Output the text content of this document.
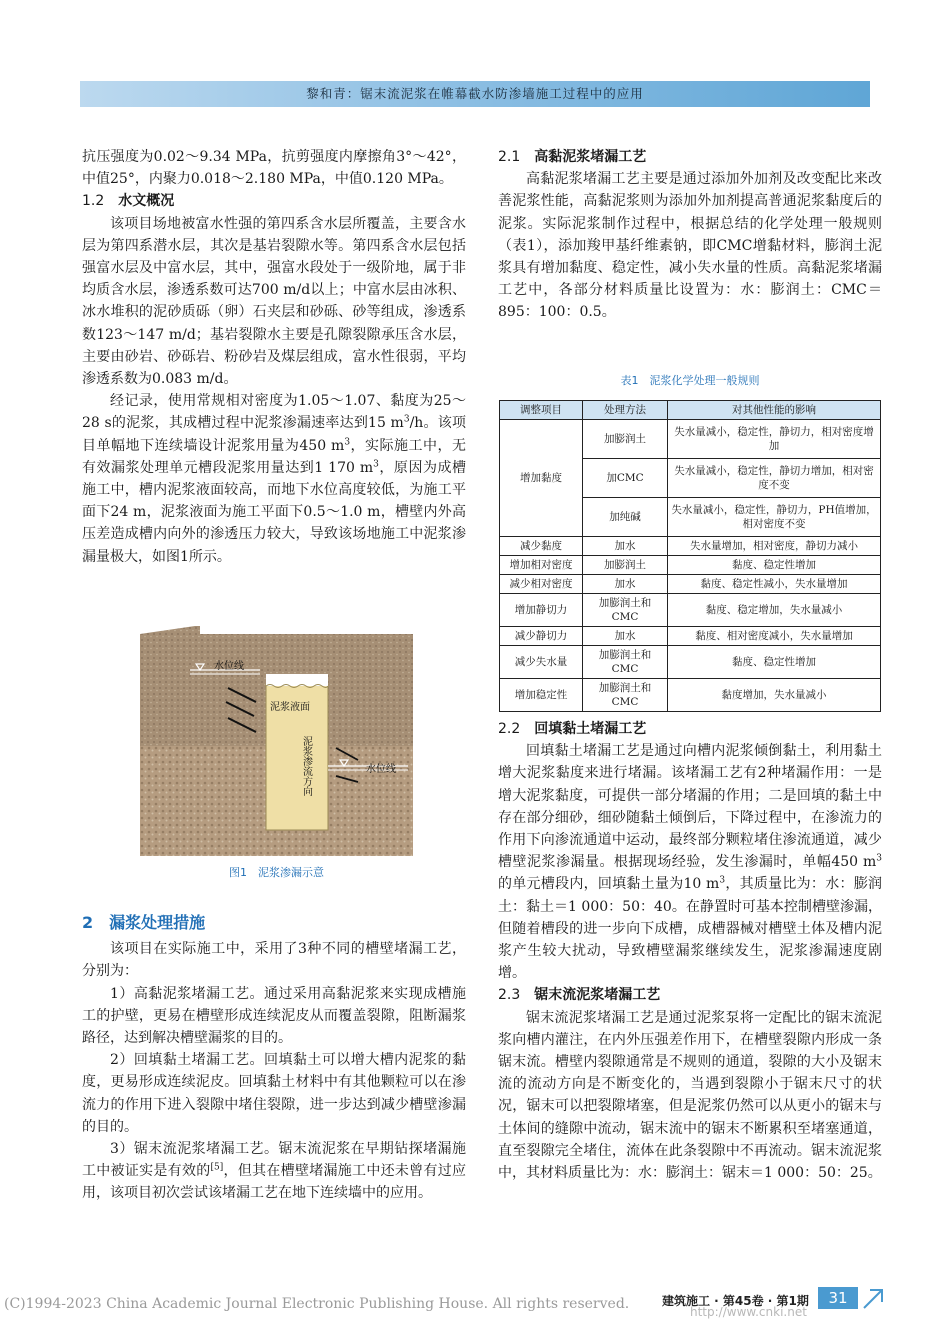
黎和青：锯末流泥浆在帷幕截水防渗墙施工过程中的应用

抗压强度为0.02～9.34 MPa，抗剪强度内摩擦角3°～42°，中值25°，内聚力0.018～2.180 MPa，中值0.120 MPa。

1.2 水文概况

该项目场地被富水性强的第四系含水层所覆盖，主要含水层为第四系潜水层，其次是基岩裂隙水等。第四系含水层包括强富水层及中富水层，其中，强富水段处于一级阶地，属于非均质含水层，渗透系数可达700 m/d以上；中富水层由冰积、冰水堆积的泥砂质砾（卵）石夹层和砂砾、砂等组成，渗透系数123～147 m/d；基岩裂隙水主要是孔隙裂隙承压含水层，主要由砂岩、砂砾岩、粉砂岩及煤层组成，富水性很弱，平均渗透系数为0.083 m/d。

经记录，使用常规相对密度为1.05～1.07、黏度为25～28 s的泥浆，其成槽过程中泥浆渗漏速率达到15 $m^3/h$。该项目单幅地下连续墙设计泥浆用量为450 $m^3$，实际施工中，无有效漏浆处理单元槽段泥浆用量达到1 170 $m^3$，原因为成槽施工中，槽内泥浆液面较高，而地下水位高度较低，为施工平面下24 m，泥浆液面为施工平面下0.5～1.0 m，槽壁内外高压差造成槽内向外的渗透压力较大，导致该场地施工中泥浆渗漏量极大，如图1所示。

水位线
水位线
泥浆液面
泥浆渗流方向
图1　泥浆渗漏示意

2 漏浆处理措施

该项目在实际施工中，采用了3种不同的槽壁堵漏工艺，分别为：

1）高黏泥浆堵漏工艺。通过采用高黏泥浆来实现成槽施工的护壁，更易在槽壁形成连续泥皮从而覆盖裂隙，阻断漏浆路径，达到解决槽壁漏浆的目的。

2）回填黏土堵漏工艺。回填黏土可以增大槽内泥浆的黏度，更易形成连续泥皮。回填黏土材料中有其他颗粒可以在渗流力的作用下进入裂隙中堵住裂隙，进一步达到减少槽壁渗漏的目的。

3）锯末流泥浆堵漏工艺。锯末流泥浆在早期钻探堵漏施工中被证实是有效的[5]，但其在槽壁堵漏施工中还未曾有过应用，该项目初次尝试该堵漏工艺在地下连续墙中的应用。

2.1 高黏泥浆堵漏工艺

高黏泥浆堵漏工艺主要是通过添加外加剂及改变配比来改善泥浆性能，高黏泥浆则为添加外加剂提高普通泥浆黏度后的泥浆。实际泥浆制作过程中，根据总结的化学处理一般规则（表1），添加羧甲基纤维素钠，即CMC增黏材料，膨润土泥浆具有增加黏度、稳定性，减小失水量的性质。高黏泥浆堵漏工艺中，各部分材料质量比设置为：水：膨润土：CMC＝895：100：0.5。

表1　泥浆化学处理一般规则
调整项目	处理方法	对其他性能的影响
增加黏度	加膨润土	失水量减小，稳定性，静切力，相对密度增加
	加CMC	失水量减小，稳定性，静切力增加，相对密度不变
	加纯碱	失水量减小，稳定性，静切力，PH值增加，相对密度不变
减少黏度	加水	失水量增加，相对密度，静切力减小
增加相对密度	加膨润土	黏度、稳定性增加
减少相对密度	加水	黏度、稳定性减小，失水量增加
增加静切力	加膨润土和CMC	黏度、稳定增加，失水量减小
减少静切力	加水	黏度、相对密度减小，失水量增加
减少失水量	加膨润土和CMC	黏度、稳定性增加
增加稳定性	加膨润土和CMC	黏度增加，失水量减小

2.2 回填黏土堵漏工艺

回填黏土堵漏工艺是通过向槽内泥浆倾倒黏土，利用黏土增大泥浆黏度来进行堵漏。该堵漏工艺有2种堵漏作用：一是增大泥浆黏度，可提供一部分堵漏的作用；二是回填的黏土中存在部分细砂，细砂随黏土倾倒后，下降过程中，在渗流力的作用下向渗流通道中运动，最终部分颗粒堵住渗流通道，减少槽壁泥浆渗漏量。根据现场经验，发生渗漏时，单幅450 $m^3$的单元槽段内，回填黏土量为10 $m^3$，其质量比为：水：膨润土：黏土＝1 000：50：40。在静置时可基本控制槽壁渗漏，但随着槽段的进一步向下成槽，成槽器械对槽壁土体及槽内泥浆产生较大扰动，导致槽壁漏浆继续发生，泥浆渗漏速度剧增。

2.3 锯末流泥浆堵漏工艺

锯末流泥浆堵漏工艺是通过泥浆泵将一定配比的锯末流泥浆向槽内灌注，在内外压强差作用下，在槽壁裂隙内形成一条锯末流。槽壁内裂隙通常是不规则的通道，裂隙的大小及锯末流的流动方向是不断变化的，当遇到裂隙小于锯末尺寸的状况，锯末可以把裂隙堵塞，但是泥浆仍然可以从更小的锯末与土体间的缝隙中流动，锯末流中的锯末不断累积至堵塞通道，直至裂隙完全堵住，流体在此条裂隙中不再流动。锯末流泥浆中，其材料质量比为：水：膨润土：锯末＝1 000：50：25。

(C)1994-2023 China Academic Journal Electronic Publishing House. All rights reserved.	建筑施工 · 第45卷 · 第1期
http://www.cnki.net
31
